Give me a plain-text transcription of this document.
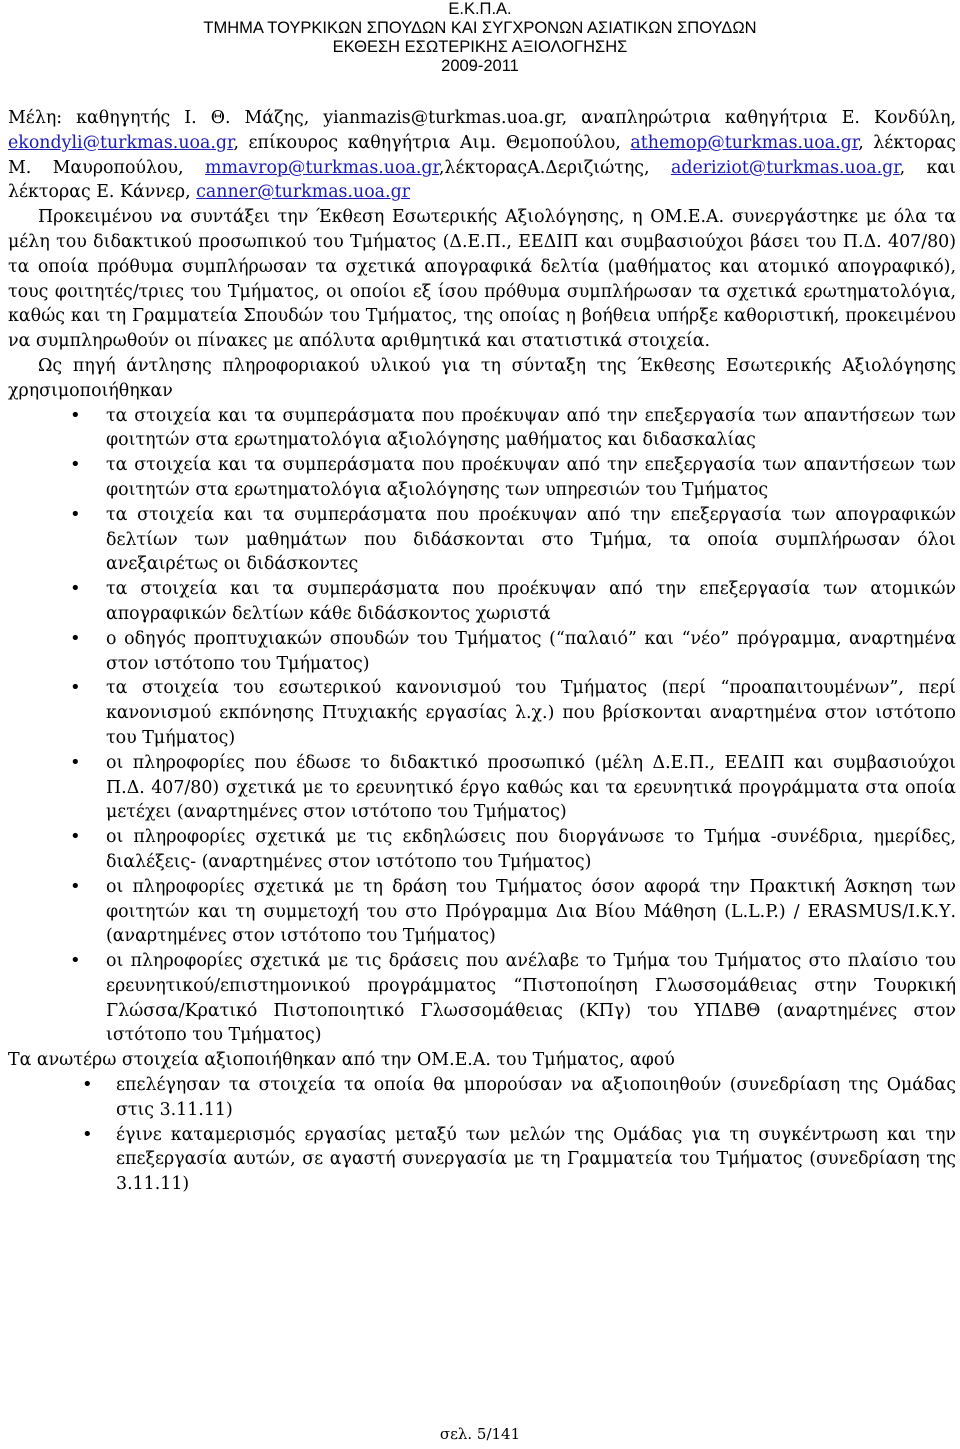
Ε.Κ.Π.Α.
ΤΜΗΜΑ ΤΟΥΡΚΙΚΩΝ ΣΠΟΥΔΩΝ ΚΑΙ ΣΥΓΧΡΟΝΩΝ ΑΣΙΑΤΙΚΩΝ ΣΠΟΥΔΩΝ
ΕΚΘΕΣΗ ΕΣΩΤΕΡΙΚΗΣ ΑΞΙΟΛΟΓΗΣΗΣ
2009-2011

Μέλη: καθηγητής Ι. Θ. Μάζης, yianmazis@turkmas.uoa.gr, αναπληρώτρια καθηγήτρια Ε. Κονδύλη, ekondyli@turkmas.uoa.gr, επίκουρος καθηγήτρια Αιμ. Θεμοπούλου, athemop@turkmas.uoa.gr, λέκτορας Μ. Μαυροπούλου, mmavrop@turkmas.uoa.gr,λέκτοραςΑ.Δεριζιώτης, aderiziot@turkmas.uoa.gr, και λέκτορας Ε. Κάννερ, canner@turkmas.uoa.gr

Προκειμένου να συντάξει την Έκθεση Εσωτερικής Αξιολόγησης, η ΟΜ.Ε.Α. συνεργάστηκε με όλα τα μέλη του διδακτικού προσωπικού του Τμήματος (Δ.Ε.Π., ΕΕΔΙΠ και συμβασιούχοι βάσει του Π.Δ. 407/80) τα οποία πρόθυμα συμπλήρωσαν τα σχετικά απογραφικά δελτία (μαθήματος και ατομικό απογραφικό), τους φοιτητές/τριες του Τμήματος, οι οποίοι εξ ίσου πρόθυμα συμπλήρωσαν τα σχετικά ερωτηματολόγια, καθώς και τη Γραμματεία Σπουδών του Τμήματος, της οποίας η βοήθεια υπήρξε καθοριστική, προκειμένου να συμπληρωθούν οι πίνακες με απόλυτα αριθμητικά και στατιστικά στοιχεία.

Ως πηγή άντλησης πληροφοριακού υλικού για τη σύνταξη της Έκθεσης Εσωτερικής Αξιολόγησης χρησιμοποιήθηκαν

• τα στοιχεία και τα συμπεράσματα που προέκυψαν από την επεξεργασία των απαντήσεων των φοιτητών στα ερωτηματολόγια αξιολόγησης μαθήματος και διδασκαλίας
• τα στοιχεία και τα συμπεράσματα που προέκυψαν από την επεξεργασία των απαντήσεων των φοιτητών στα ερωτηματολόγια αξιολόγησης των υπηρεσιών του Τμήματος
• τα στοιχεία και τα συμπεράσματα που προέκυψαν από την επεξεργασία των απογραφικών δελτίων των μαθημάτων που διδάσκονται στο Τμήμα, τα οποία συμπλήρωσαν όλοι ανεξαιρέτως οι διδάσκοντες
• τα στοιχεία και τα συμπεράσματα που προέκυψαν από την επεξεργασία των ατομικών απογραφικών δελτίων κάθε διδάσκοντος χωριστά
• ο οδηγός προπτυχιακών σπουδών του Τμήματος (“παλαιό” και “νέο” πρόγραμμα, αναρτημένα στον ιστότοπο του Τμήματος)
• τα στοιχεία του εσωτερικού κανονισμού του Τμήματος (περί “προαπαιτουμένων”, περί κανονισμού εκπόνησης Πτυχιακής εργασίας λ.χ.) που βρίσκονται αναρτημένα στον ιστότοπο του Τμήματος)
• οι πληροφορίες που έδωσε το διδακτικό προσωπικό (μέλη Δ.Ε.Π., ΕΕΔΙΠ και συμβασιούχοι Π.Δ. 407/80) σχετικά με το ερευνητικό έργο καθώς και τα ερευνητικά προγράμματα στα οποία μετέχει (αναρτημένες στον ιστότοπο του Τμήματος)
• οι πληροφορίες σχετικά με τις εκδηλώσεις που διοργάνωσε το Τμήμα -συνέδρια, ημερίδες, διαλέξεις- (αναρτημένες στον ιστότοπο του Τμήματος)
• οι πληροφορίες σχετικά με τη δράση του Τμήματος όσον αφορά την Πρακτική Άσκηση των φοιτητών και τη συμμετοχή του στο Πρόγραμμα Δια Βίου Μάθηση (L.L.P.) / ERASMUS/Ι.Κ.Υ. (αναρτημένες στον ιστότοπο του Τμήματος)
• οι πληροφορίες σχετικά με τις δράσεις που ανέλαβε το Τμήμα του Τμήματος στο πλαίσιο του ερευνητικού/επιστημονικού προγράμματος “Πιστοποίηση Γλωσσομάθειας στην Τουρκική Γλώσσα/Κρατικό Πιστοποιητικό Γλωσσομάθειας (ΚΠγ) του ΥΠΔΒΘ (αναρτημένες στον ιστότοπο του Τμήματος)

Τα ανωτέρω στοιχεία αξιοποιήθηκαν από την ΟΜ.Ε.Α. του Τμήματος, αφού

• επελέγησαν τα στοιχεία τα οποία θα μπορούσαν να αξιοποιηθούν (συνεδρίαση της Ομάδας στις 3.11.11)
• έγινε καταμερισμός εργασίας μεταξύ των μελών της Ομάδας για τη συγκέντρωση και την επεξεργασία αυτών, σε αγαστή συνεργασία με τη Γραμματεία του Τμήματος (συνεδρίαση της 3.11.11)
σελ. 5/141
